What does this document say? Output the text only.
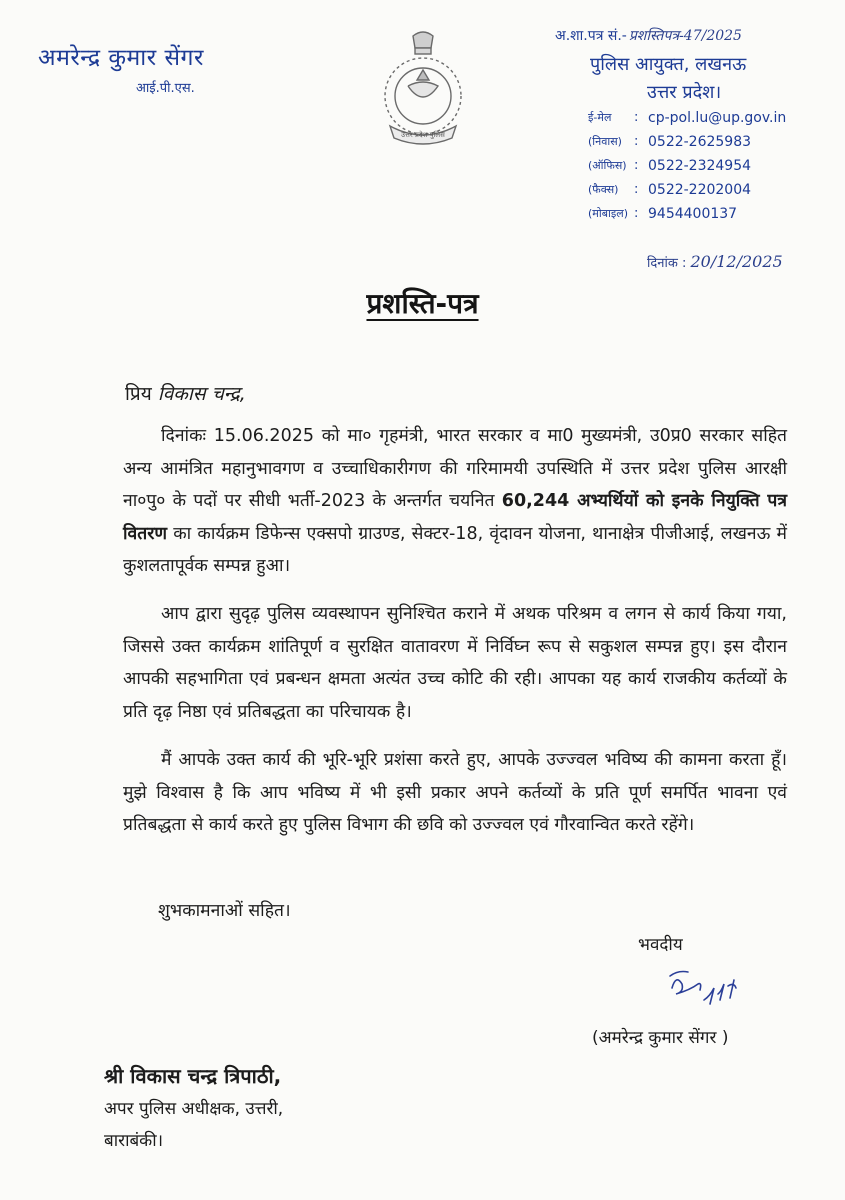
अमरेन्द्र कुमार सेंगर
आई.पी.एस.
उत्तर प्रदेश पुलिस
अ.शा.पत्र सं.- प्रशस्तिपत्र-47/2025
पुलिस आयुक्त, लखनऊ
उत्तर प्रदेश।
ई-मेल	: cp-pol.lu@up.gov.in
(निवास) : 0522-2625983
(ऑफिस) : 0522-2324954
(फैक्स)	: 0522-2202004
(मोबाइल) : 9454400137
दिनांक : 20/12/2025
प्रशस्ति-पत्र
प्रिय विकास चन्द्र,

दिनांकः 15.06.2025 को मा० गृहमंत्री, भारत सरकार व मा0 मुख्यमंत्री, उ0प्र0 सरकार सहित अन्य आमंत्रित महानुभावगण व उच्चाधिकारीगण की गरिमामयी उपस्थिति में उत्तर प्रदेश पुलिस आरक्षी ना०पु० के पदों पर सीधी भर्ती-2023 के अन्तर्गत चयनित 60,244 अभ्यर्थियों को इनके नियुक्ति पत्र वितरण का कार्यक्रम डिफेन्स एक्सपो ग्राउण्ड, सेक्टर-18, वृंदावन योजना, थानाक्षेत्र पीजीआई, लखनऊ में कुशलतापूर्वक सम्पन्न हुआ।

आप द्वारा सुदृढ़ पुलिस व्यवस्थापन सुनिश्चित कराने में अथक परिश्रम व लगन से कार्य किया गया, जिससे उक्त कार्यक्रम शांतिपूर्ण व सुरक्षित वातावरण में निर्विघ्न रूप से सकुशल सम्पन्न हुए। इस दौरान आपकी सहभागिता एवं प्रबन्धन क्षमता अत्यंत उच्च कोटि की रही। आपका यह कार्य राजकीय कर्तव्यों के प्रति दृढ़ निष्ठा एवं प्रतिबद्धता का परिचायक है।

मैं आपके उक्त कार्य की भूरि-भूरि प्रशंसा करते हुए, आपके उज्ज्वल भविष्य की कामना करता हूँ। मुझे विश्वास है कि आप भविष्य में भी इसी प्रकार अपने कर्तव्यों के प्रति पूर्ण समर्पित भावना एवं प्रतिबद्धता से कार्य करते हुए पुलिस विभाग की छवि को उज्ज्वल एवं गौरवान्वित करते रहेंगे।

शुभकामनाओं सहित।
भवदीय
(अमरेन्द्र कुमार सेंगर )
श्री विकास चन्द्र त्रिपाठी,
अपर पुलिस अधीक्षक, उत्तरी,
बाराबंकी।
